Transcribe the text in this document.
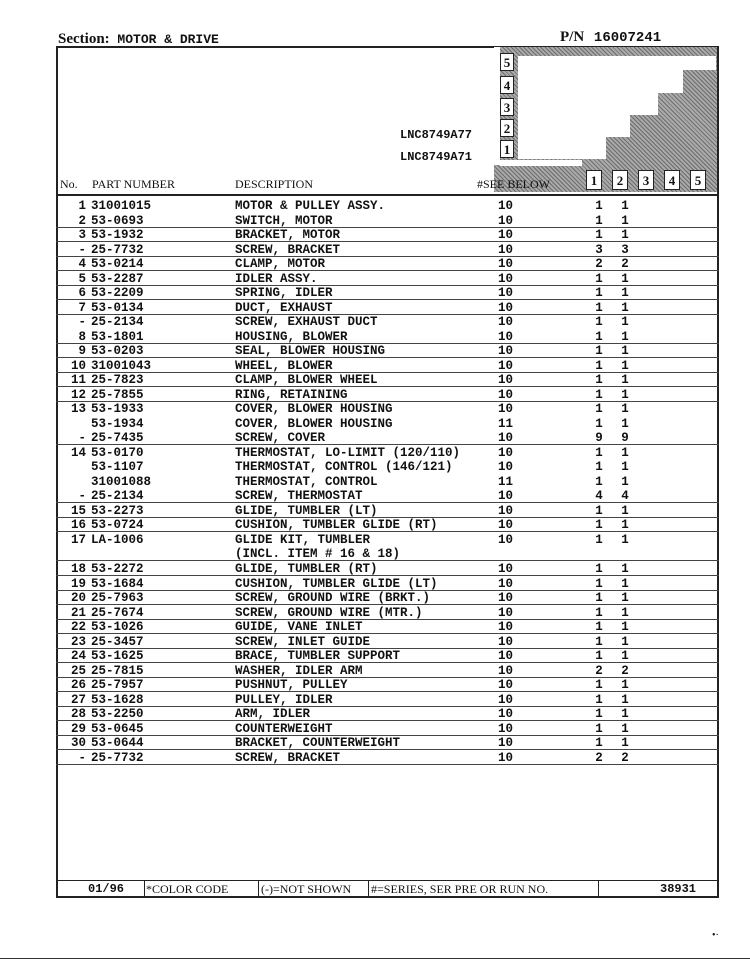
Section: MOTOR & DRIVE	P/N 16007241
5
4
3
2
1
1	2	3	4	5
LNC8749A77
LNC8749A71
No. PART NUMBER	DESCRIPTION	#SEE BELOW
1 31001015	MOTOR & PULLEY ASSY.	10	1 1
2 53-0693	SWITCH, MOTOR	10	1 1
3 53-1932	BRACKET, MOTOR	10	1 1
- 25-7732	SCREW, BRACKET	10	3 3
4 53-0214	CLAMP, MOTOR	10	2 2
5 53-2287	IDLER ASSY.	10	1 1
6 53-2209	SPRING, IDLER	10	1 1
7 53-0134	DUCT, EXHAUST	10	1 1
- 25-2134	SCREW, EXHAUST DUCT	10	1 1
8 53-1801	HOUSING, BLOWER	10	1 1
9 53-0203	SEAL, BLOWER HOUSING	10	1 1
10 31001043	WHEEL, BLOWER	10	1 1
11 25-7823	CLAMP, BLOWER WHEEL	10	1 1
12 25-7855	RING, RETAINING	10	1 1
13 53-1933	COVER, BLOWER HOUSING	10	1 1
53-1934	COVER, BLOWER HOUSING	11	1 1
- 25-7435	SCREW, COVER	10	9 9
14 53-0170	THERMOSTAT, LO-LIMIT (120/110)	10	1 1
53-1107	THERMOSTAT, CONTROL (146/121)	10	1 1
31001088	THERMOSTAT, CONTROL	11	1 1
- 25-2134	SCREW, THERMOSTAT	10	4 4
15 53-2273	GLIDE, TUMBLER (LT)	10	1 1
16 53-0724	CUSHION, TUMBLER GLIDE (RT)	10	1 1
17 LA-1006	GLIDE KIT, TUMBLER	10	1 1
(INCL. ITEM # 16 & 18)
18 53-2272	GLIDE, TUMBLER (RT)	10	1 1
19 53-1684	CUSHION, TUMBLER GLIDE (LT)	10	1 1
20 25-7963	SCREW, GROUND WIRE (BRKT.)	10	1 1
21 25-7674	SCREW, GROUND WIRE (MTR.)	10	1 1
22 53-1026	GUIDE, VANE INLET	10	1 1
23 25-3457	SCREW, INLET GUIDE	10	1 1
24 53-1625	BRACE, TUMBLER SUPPORT	10	1 1
25 25-7815	WASHER, IDLER ARM	10	2 2
26 25-7957	PUSHNUT, PULLEY	10	1 1
27 53-1628	PULLEY, IDLER	10	1 1
28 53-2250	ARM, IDLER	10	1 1
29 53-0645	COUNTERWEIGHT	10	1 1
30 53-0644	BRACKET, COUNTERWEIGHT	10	1 1
- 25-7732	SCREW, BRACKET	10	2 2
01/96 *COLOR CODE	(-)=NOT SHOWN #=SERIES, SER PRE OR RUN NO.	38931
•·
